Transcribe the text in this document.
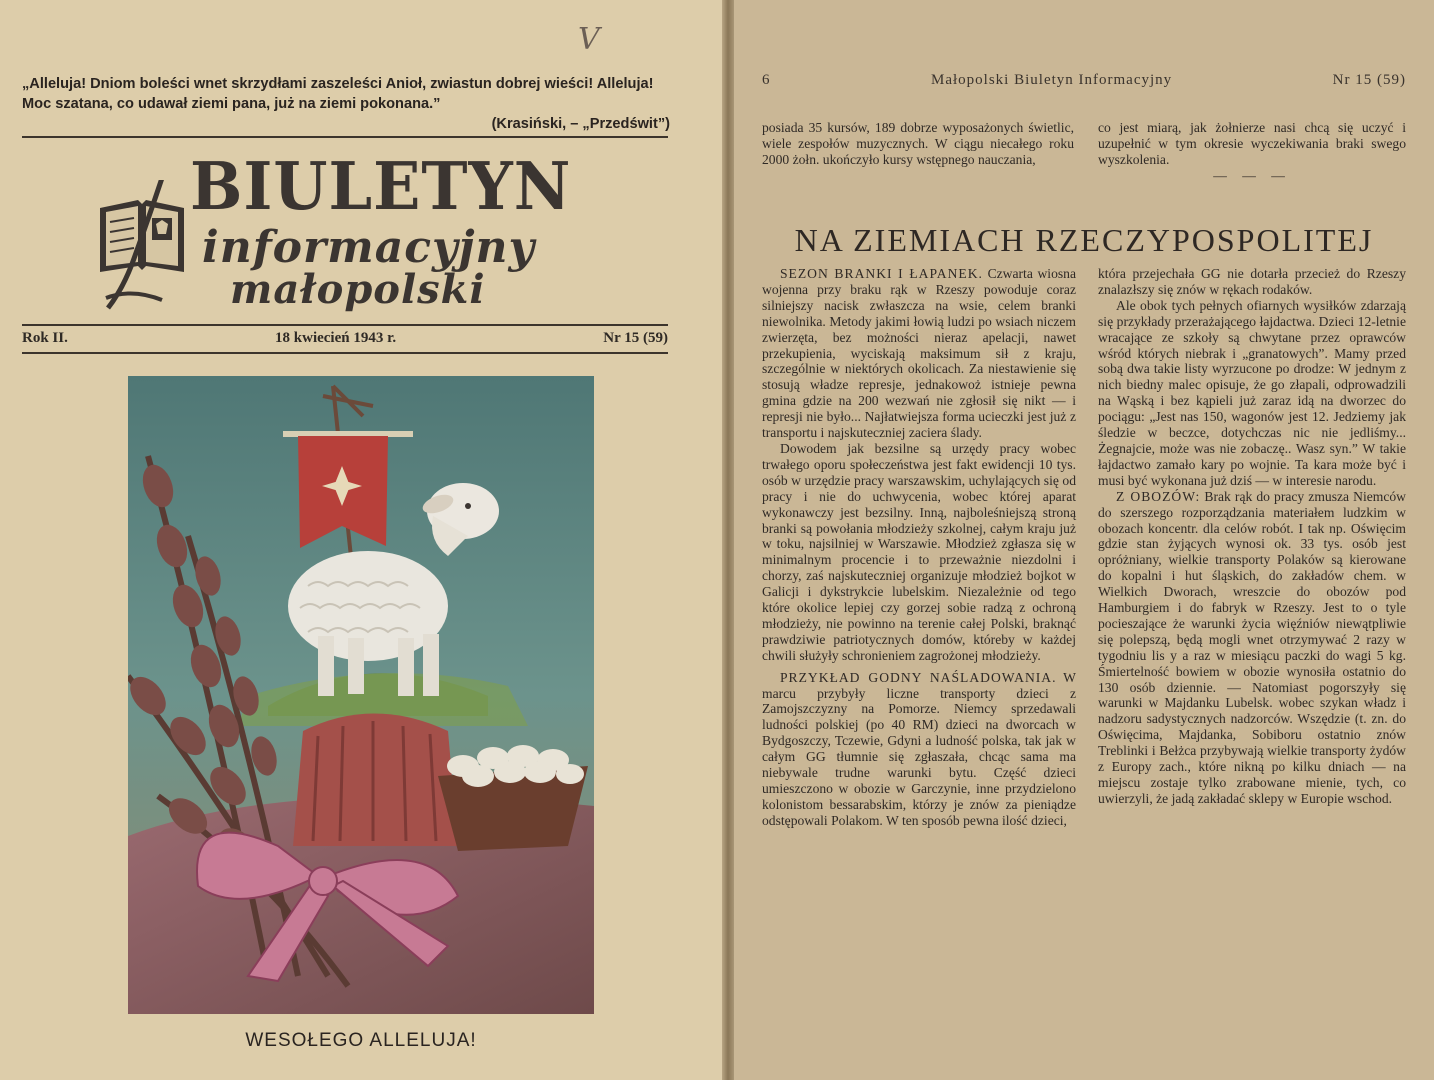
V
„Alleluja! Dniom boleści wnet skrzydłami zaszeleści Anioł, zwiastun dobrej wieści! Alleluja! Moc szatana, co udawał ziemi pana, już na ziemi pokonana.”
(Krasiński, – „Przedświt”)
BIULETYN
informacyjny
małopolski
Rok II.	18 kwiecień 1943 r.	Nr 15 (59)
WESOŁEGO ALLELUJA!
6	Małopolski Biuletyn Informacyjny	Nr 15 (59)

posiada 35 kursów, 189 dobrze wyposażonych świetlic, wiele zespołów muzycznych. W ciągu niecałego roku 2000 żołn. ukończyło kursy wstępnego nauczania,

co jest miarą, jak żołnierze nasi chcą się uczyć i uzupełnić w tym okresie wyczekiwania braki swego wyszkolenia.

— — —
NA ZIEMIACH RZECZYPOSPOLITEJ

SEZON BRANKI I ŁAPANEK. Czwarta wiosna wojenna przy braku rąk w Rzeszy powoduje coraz silniejszy nacisk zwłaszcza na wsie, celem branki niewolnika. Metody jakimi łowią ludzi po wsiach niczem zwierzęta, bez możności nieraz apelacji, nawet przekupienia, wyciskają maksimum sił z kraju, szczególnie w niektórych okolicach. Za niestawienie się stosują władze represje, jednakowoż istnieje pewna gmina gdzie na 200 wezwań nie zgłosił się nikt — i represji nie było... Najłatwiejsza forma ucieczki jest już z transportu i najskuteczniej zaciera ślady.

Dowodem jak bezsilne są urzędy pracy wobec trwałego oporu społeczeństwa jest fakt ewidencji 10 tys. osób w urzędzie pracy warszawskim, uchylających się od pracy i nie do uchwycenia, wobec której aparat wykonawczy jest bezsilny. Inną, najboleśniejszą stroną branki są powołania młodzieży szkolnej, całym kraju już w toku, najsilniej w Warszawie. Młodzież zgłasza się w minimalnym procencie i to przeważnie niezdolni i chorzy, zaś najskuteczniej organizuje młodzież bojkot w Galicji i dykstrykcie lubelskim. Niezależnie od tego które okolice lepiej czy gorzej sobie radzą z ochroną młodzieży, nie powinno na terenie całej Polski, braknąć prawdziwie patriotycznych domów, któreby w każdej chwili służyły schronieniem zagrożonej młodzieży.

PRZYKŁAD GODNY NAŚLADOWANIA. W marcu przybyły liczne transporty dzieci z Zamojszczyzny na Pomorze. Niemcy sprzedawali ludności polskiej (po 40 RM) dzieci na dworcach w Bydgoszczy, Tczewie, Gdyni a ludność polska, tak jak w całym GG tłumnie się zgłaszała, chcąc sama ma niebywale trudne warunki bytu. Część dzieci umieszczono w obozie w Garczynie, inne przydzielono kolonistom bessarabskim, którzy je znów za pieniądze odstępowali Polakom. W ten sposób pewna ilość dzieci,

która przejechała GG nie dotarła przecież do Rzeszy znalazłszy się znów w rękach rodaków.

Ale obok tych pełnych ofiarnych wysiłków zdarzają się przykłady przerażającego łajdactwa. Dzieci 12-letnie wracające ze szkoły są chwytane przez oprawców wśród których niebrak i „granatowych”. Mamy przed sobą dwa takie listy wyrzucone po drodze: W jednym z nich biedny malec opisuje, że go złapali, odprowadzili na Wąską i bez kąpieli już zaraz idą na dworzec do pociągu: „Jest nas 150, wagonów jest 12. Jedziemy jak śledzie w beczce, dotychczas nic nie jedliśmy... Żegnajcie, może was nie zobaczę.. Wasz syn.” W takie łajdactwo zamało kary po wojnie. Ta kara może być i musi być wykonana już dziś — w interesie narodu.

Z OBOZÓW: Brak rąk do pracy zmusza Niemców do szerszego rozporządzania materiałem ludzkim w obozach koncentr. dla celów robót. I tak np. Oświęcim gdzie stan żyjących wynosi ok. 33 tys. osób jest opróżniany, wielkie transporty Polaków są kierowane do kopalni i hut śląskich, do zakładów chem. w Wielkich Dworach, wreszcie do obozów pod Hamburgiem i do fabryk w Rzeszy. Jest to o tyle pocieszające że warunki życia więźniów niewątpliwie się polepszą, będą mogli wnet otrzymywać 2 razy w tygodniu lis y a raz w miesiącu paczki do wagi 5 kg. Śmiertelność bowiem w obozie wynosiła ostatnio do 130 osób dziennie. — Natomiast pogorszyły się warunki w Majdanku Lubelsk. wobec szykan władz i nadzoru sadystycznych nadzorców. Wszędzie (t. zn. do Oświęcima, Majdanka, Sobiboru ostatnio znów Treblinki i Bełżca przybywają wielkie transporty żydów z Europy zach., które nikną po kilku dniach — na miejscu zostaje tylko zrabowane mienie, tych, co uwierzyli, że jadą zakładać sklepy w Europie wschod.
